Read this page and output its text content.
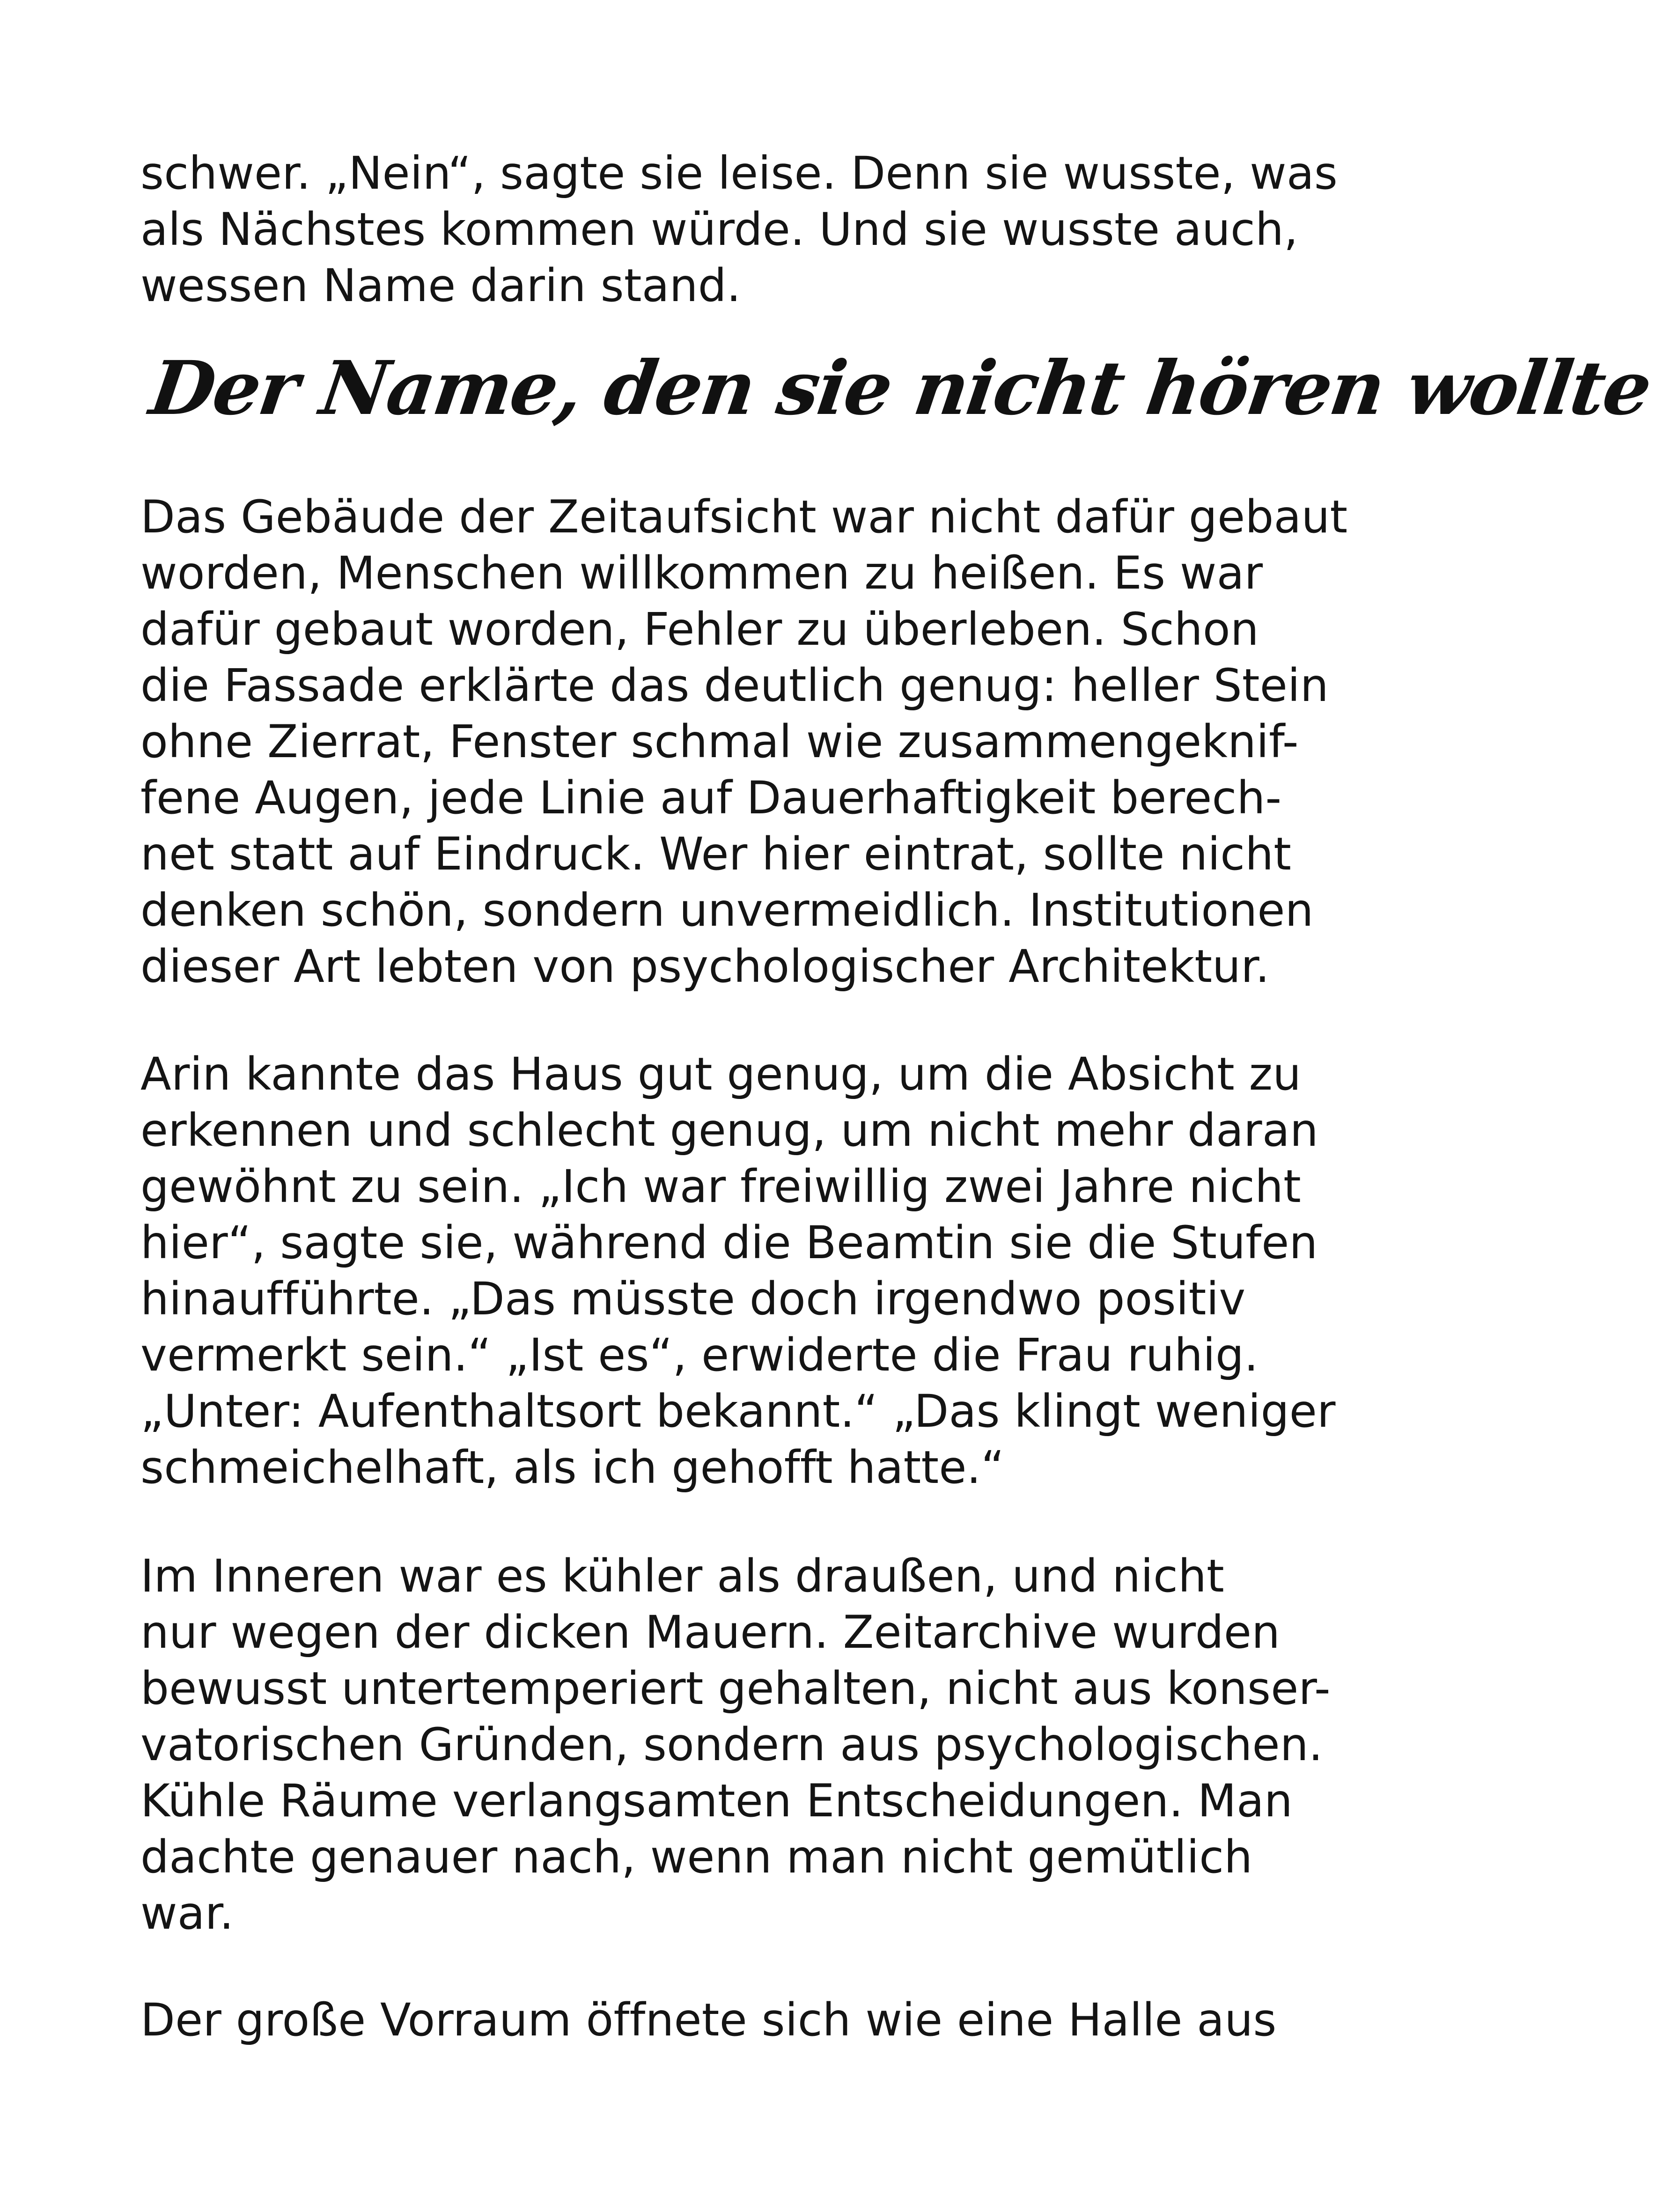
schwer. „Nein“, sagte sie leise. Denn sie wusste, was
als Nächstes kommen würde. Und sie wusste auch,
wessen Name darin stand.
Der Name, den sie nicht hören wollte
Das Gebäude der Zeitaufsicht war nicht dafür gebaut
worden, Menschen willkommen zu heißen. Es war
dafür gebaut worden, Fehler zu überleben. Schon
die Fassade erklärte das deutlich genug: heller Stein
ohne Zierrat, Fenster schmal wie zusammengeknif-
fene Augen, jede Linie auf Dauerhaftigkeit berech-
net statt auf Eindruck. Wer hier eintrat, sollte nicht
denken schön, sondern unvermeidlich. Institutionen
dieser Art lebten von psychologischer Architektur.
Arin kannte das Haus gut genug, um die Absicht zu
erkennen und schlecht genug, um nicht mehr daran
gewöhnt zu sein. „Ich war freiwillig zwei Jahre nicht
hier“, sagte sie, während die Beamtin sie die Stufen
hinaufführte. „Das müsste doch irgendwo positiv
vermerkt sein.“ „Ist es“, erwiderte die Frau ruhig.
„Unter: Aufenthaltsort bekannt.“ „Das klingt weniger
schmeichelhaft, als ich gehofft hatte.“
Im Inneren war es kühler als draußen, und nicht
nur wegen der dicken Mauern. Zeitarchive wurden
bewusst untertemperiert gehalten, nicht aus konser-
vatorischen Gründen, sondern aus psychologischen.
Kühle Räume verlangsamten Entscheidungen. Man
dachte genauer nach, wenn man nicht gemütlich
war.
Der große Vorraum öffnete sich wie eine Halle aus
